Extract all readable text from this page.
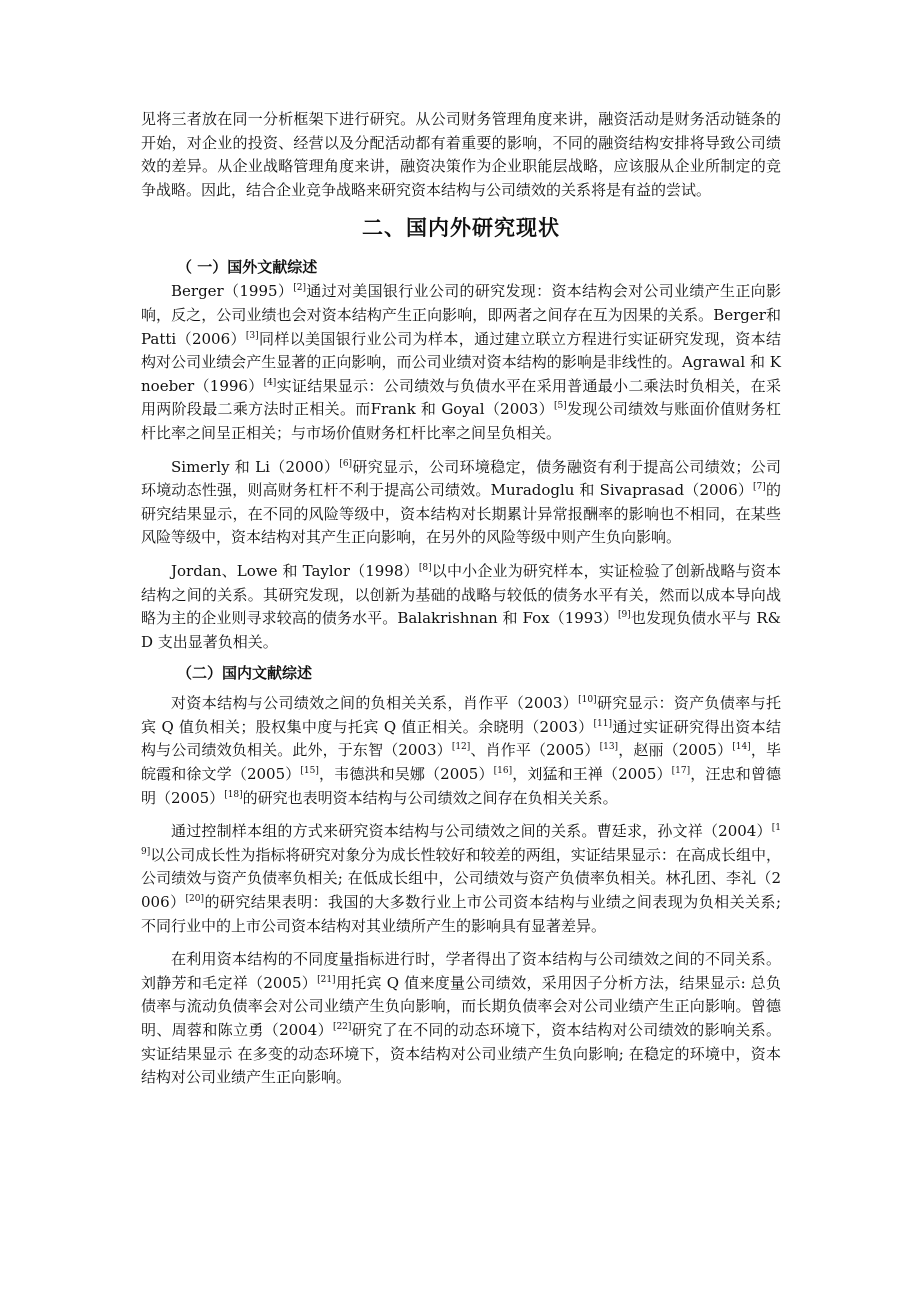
见将三者放在同一分析框架下进行研究。从公司财务管理角度来讲，融资活动是财务活动链条的开始，对企业的投资、经营以及分配活动都有着重要的影响，不同的融资结构安排将导致公司绩效的差异。从企业战略管理角度来讲，融资决策作为企业职能层战略，应该服从企业所制定的竞争战略。因此，结合企业竞争战略来研究资本结构与公司绩效的关系将是有益的尝试。

二、国内外研究现状
（ 一）国外文献综述

Berger（1995）[2]通过对美国银行业公司的研究发现：资本结构会对公司业绩产生正向影响，反之，公司业绩也会对资本结构产生正向影响，即两者之间存在互为因果的关系。Berger和Patti（2006）[3]同样以美国银行业公司为样本，通过建立联立方程进行实证研究发现，资本结构对公司业绩会产生显著的正向影响，而公司业绩对资本结构的影响是非线性的。Agrawal 和 Knoeber（1996）[4]实证结果显示：公司绩效与负债水平在采用普通最小二乘法时负相关，在采用两阶段最二乘方法时正相关。而Frank 和 Goyal（2003）[5]发现公司绩效与账面价值财务杠杆比率之间呈正相关；与市场价值财务杠杆比率之间呈负相关。

Simerly 和 Li（2000）[6]研究显示，公司环境稳定，债务融资有利于提高公司绩效；公司环境动态性强，则高财务杠杆不利于提高公司绩效。Muradoglu 和 Sivaprasad（2006）[7]的研究结果显示，在不同的风险等级中，资本结构对长期累计异常报酬率的影响也不相同，在某些风险等级中，资本结构对其产生正向影响，在另外的风险等级中则产生负向影响。

Jordan、Lowe 和 Taylor（1998）[8]以中小企业为研究样本，实证检验了创新战略与资本结构之间的关系。其研究发现，以创新为基础的战略与较低的债务水平有关，然而以成本导向战略为主的企业则寻求较高的债务水平。Balakrishnan 和 Fox（1993）[9]也发现负债水平与 R&D 支出显著负相关。

（二）国内文献综述

对资本结构与公司绩效之间的负相关关系，肖作平（2003）[10]研究显示：资产负债率与托宾 Q 值负相关；股权集中度与托宾 Q 值正相关。余晓明（2003）[11]通过实证研究得出资本结构与公司绩效负相关。此外，于东智（2003）[12]、肖作平（2005）[13]，赵丽（2005）[14]，毕皖霞和徐文学（2005）[15]，韦德洪和吴娜（2005）[16]，刘猛和王禅（2005）[17]，汪忠和曾德明（2005）[18]的研究也表明资本结构与公司绩效之间存在负相关关系。

通过控制样本组的方式来研究资本结构与公司绩效之间的关系。曹廷求，孙文祥（2004）[19]以公司成长性为指标将研究对象分为成长性较好和较差的两组，实证结果显示：在高成长组中，公司绩效与资产负债率负相关; 在低成长组中，公司绩效与资产负债率负相关。林孔团、李礼（2006）[20]的研究结果表明：我国的大多数行业上市公司资本结构与业绩之间表现为负相关关系; 不同行业中的上市公司资本结构对其业绩所产生的影响具有显著差异。

在利用资本结构的不同度量指标进行时，学者得出了资本结构与公司绩效之间的不同关系。刘静芳和毛定祥（2005）[21]用托宾 Q 值来度量公司绩效，采用因子分析方法，结果显示: 总负债率与流动负债率会对公司业绩产生负向影响，而长期负债率会对公司业绩产生正向影响。曾德明、周蓉和陈立勇（2004）[22]研究了在不同的动态环境下，资本结构对公司绩效的影响关系。实证结果显示 在多变的动态环境下，资本结构对公司业绩产生负向影响; 在稳定的环境中，资本结构对公司业绩产生正向影响。
